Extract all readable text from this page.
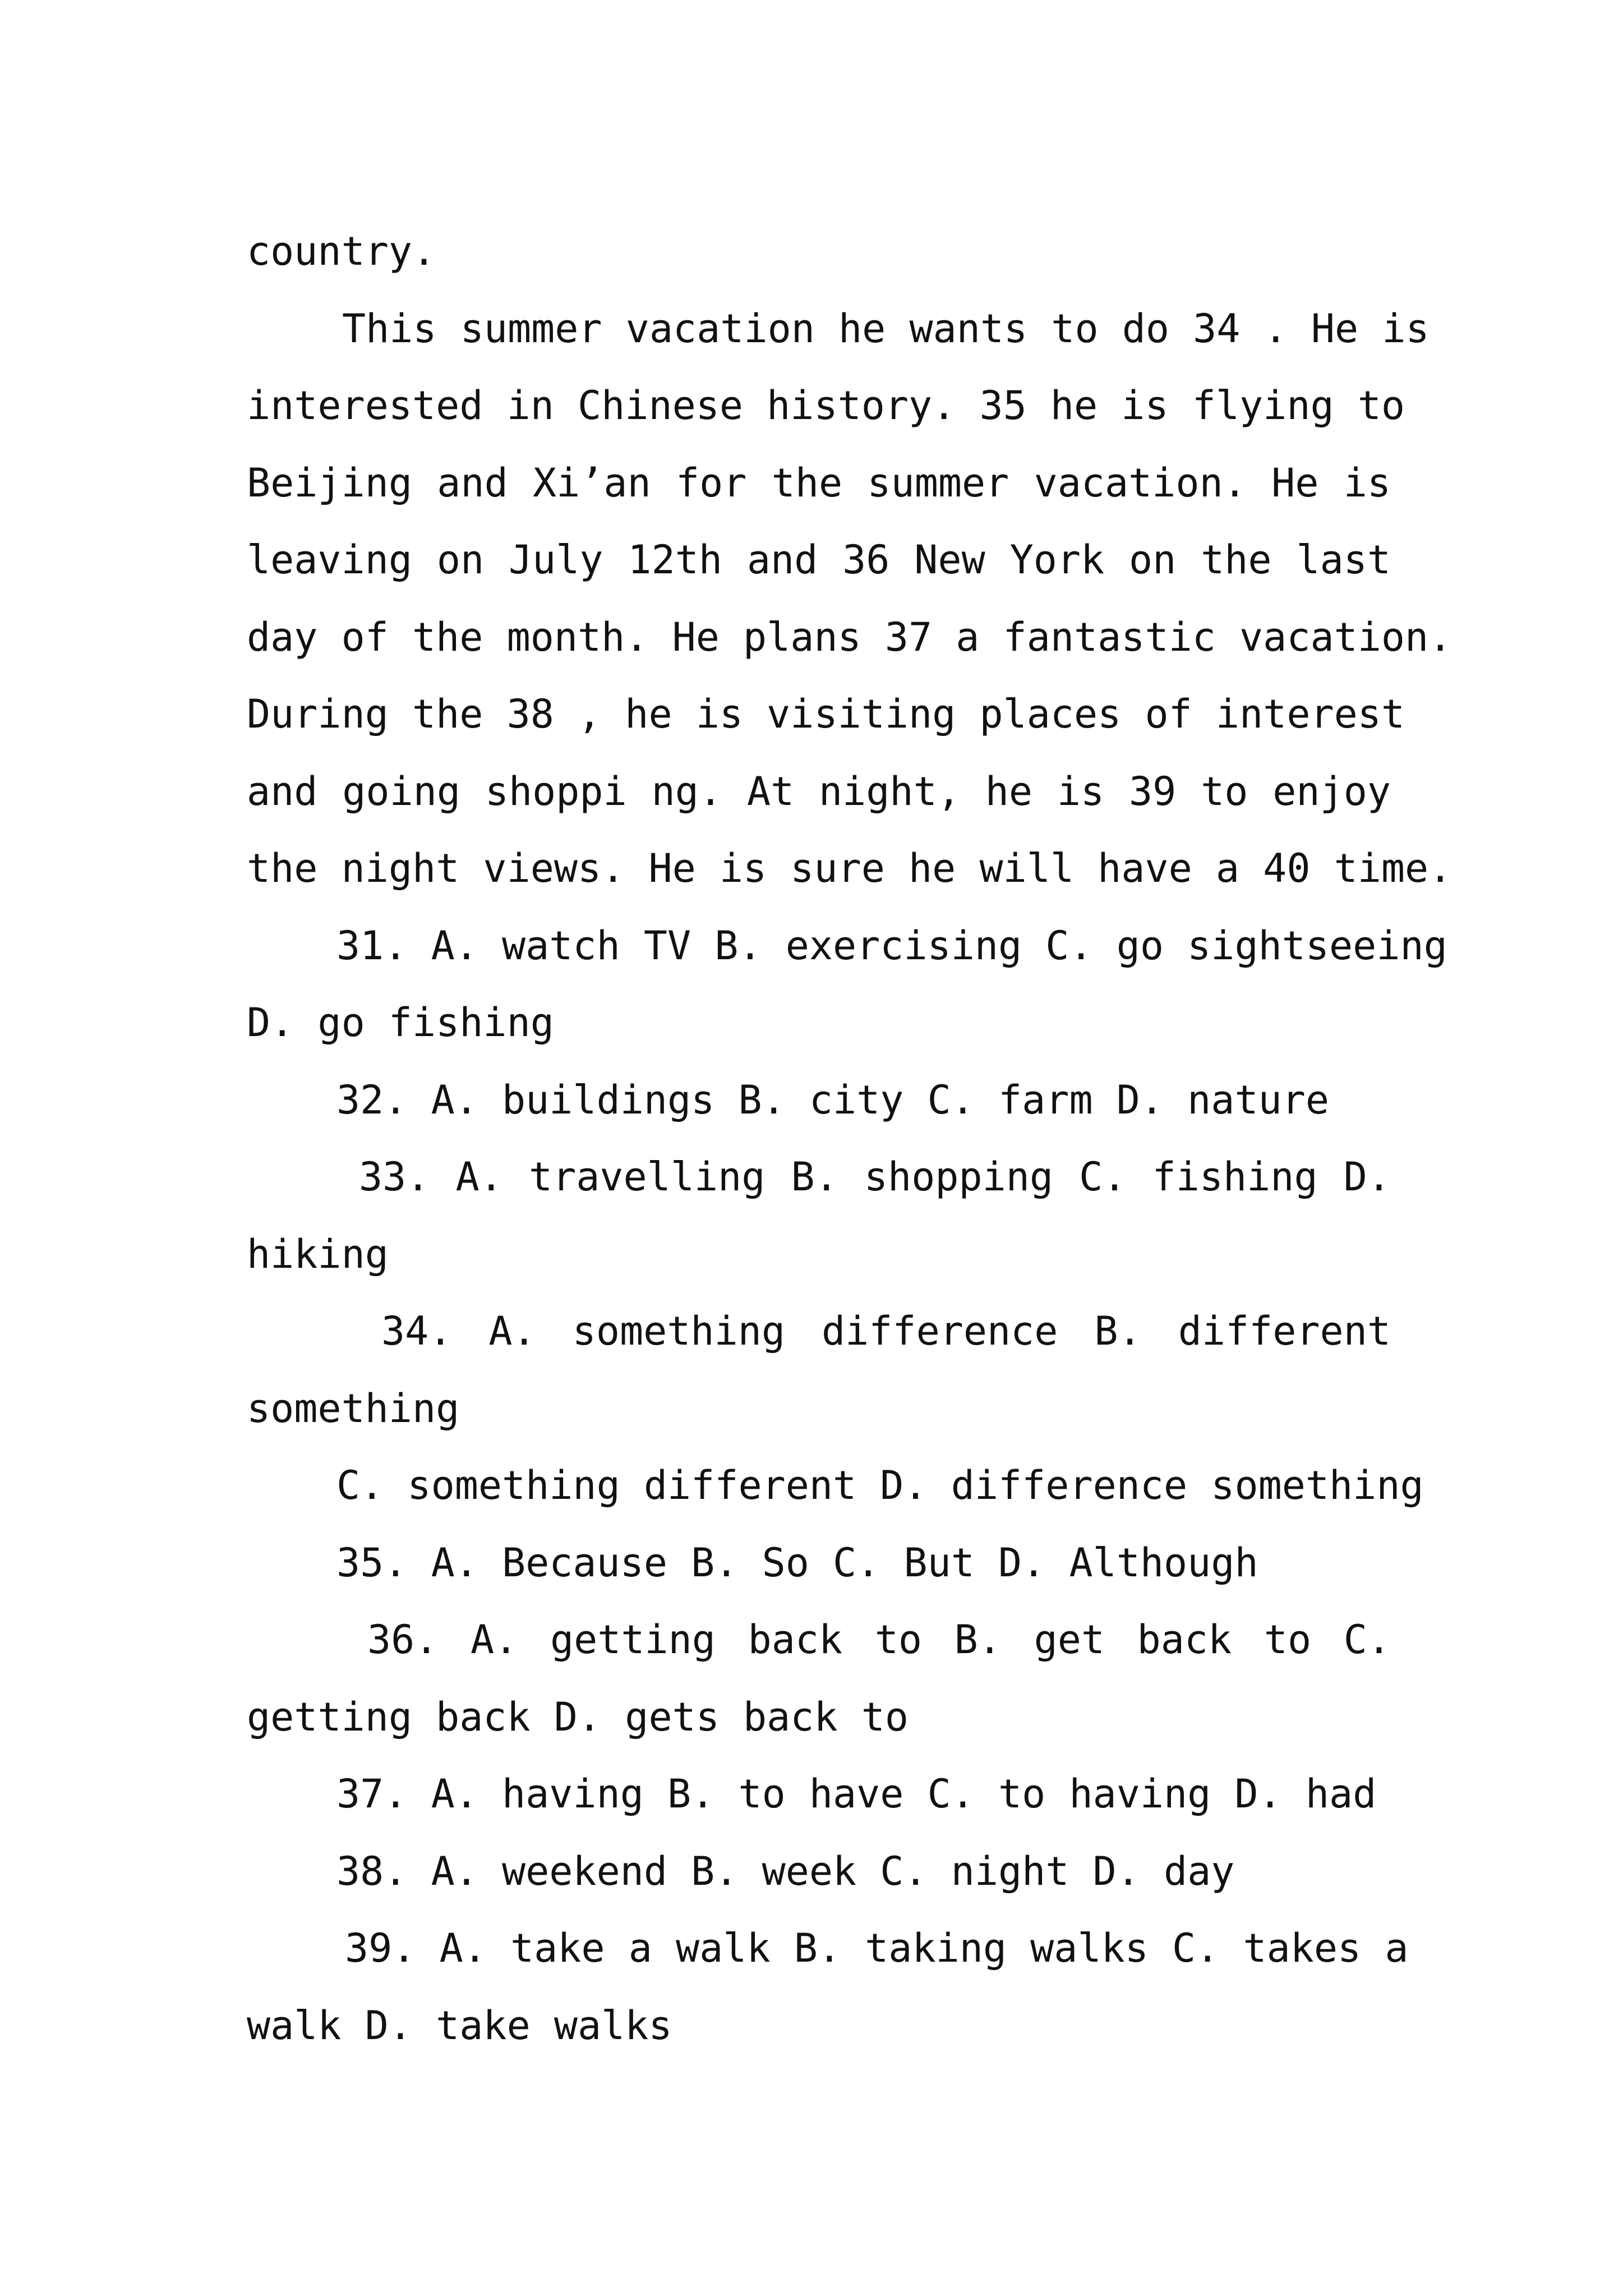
country.
This summer vacation he wants to do 34 . He is
interested in Chinese history. 35 he is flying to
Beijing and Xi’an for the summer vacation. He is
leaving on July 12th and 36 New York on the last
day of the month. He plans 37 a fantastic vacation.
During the 38 , he is visiting places of interest
and going shoppi ng. At night, he is 39 to enjoy
the night views. He is sure he will have a 40 time.
31. A. watch TV B. exercising C. go sightseeing
D. go fishing
32. A. buildings B. city C. farm D. nature
33. A. travelling B. shopping C. fishing D.
hiking
34. A. something difference B. different
something
C. something different D. difference something
35. A. Because B. So C. But D. Although
36. A. getting back to B. get back to C.
getting back D. gets back to
37. A. having B. to have C. to having D. had
38. A. weekend B. week C. night D. day
39. A. take a walk B. taking walks C. takes a
walk D. take walks
